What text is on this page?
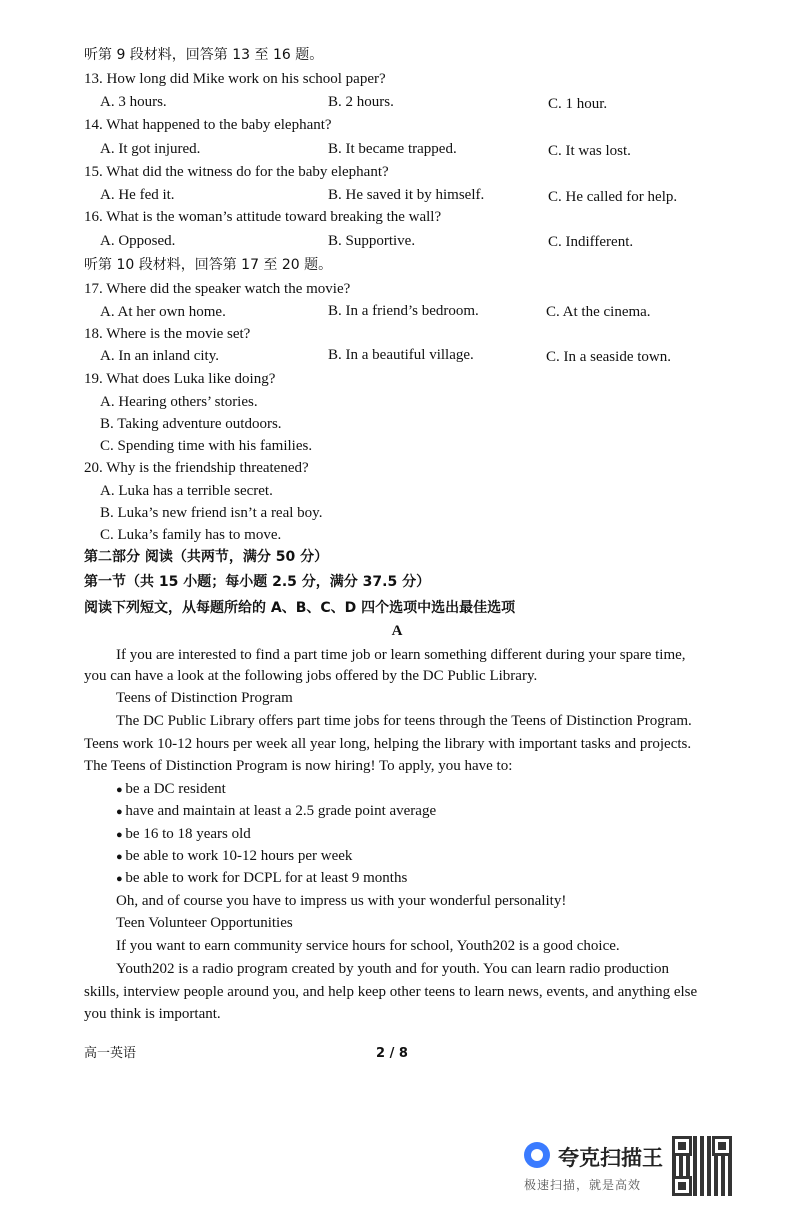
听第 9 段材料，回答第 13 至 16 题。
13. How long did Mike work on his school paper?
A. 3 hours.	B. 2 hours.	C. 1 hour.
14. What happened to the baby elephant?
A. It got injured.	B. It became trapped.	C. It was lost.
15. What did the witness do for the baby elephant?
A. He fed it.	B. He saved it by himself.	C. He called for help.
16. What is the woman’s attitude toward breaking the wall?
A. Opposed.	B. Supportive.	C. Indifferent.
听第 10 段材料，回答第 17 至 20 题。
17. Where did the speaker watch the movie?
A. At her own home.	B. In a friend’s bedroom.	C. At the cinema.
18. Where is the movie set?
A. In an inland city.	B. In a beautiful village.	C. In a seaside town.
19. What does Luka like doing?
A. Hearing others’ stories.
B. Taking adventure outdoors.
C. Spending time with his families.
20. Why is the friendship threatened?
A. Luka has a terrible secret.
B. Luka’s new friend isn’t a real boy.
C. Luka’s family has to move.
第二部分 阅读（共两节，满分 50 分）
第一节（共 15 小题；每小题 2.5 分，满分 37.5 分）
阅读下列短文，从每题所给的 A、B、C、D 四个选项中选出最佳选项
A
If you are interested to find a part time job or learn something different during your spare time,
you can have a look at the following jobs offered by the DC Public Library.
Teens of Distinction Program
The DC Public Library offers part time jobs for teens through the Teens of Distinction Program.
Teens work 10-12 hours per week all year long, helping the library with important tasks and projects.
The Teens of Distinction Program is now hiring! To apply, you have to:
● be a DC resident
● have and maintain at least a 2.5 grade point average
● be 16 to 18 years old
● be able to work 10-12 hours per week
● be able to work for DCPL for at least 9 months
Oh, and of course you have to impress us with your wonderful personality!
Teen Volunteer Opportunities
If you want to earn community service hours for school, Youth202 is a good choice.
Youth202 is a radio program created by youth and for youth. You can learn radio production
skills, interview people around you, and help keep other teens to learn news, events, and anything else
you think is important.
高一英语	2 / 8
夸克扫描王
极速扫描，就是高效
